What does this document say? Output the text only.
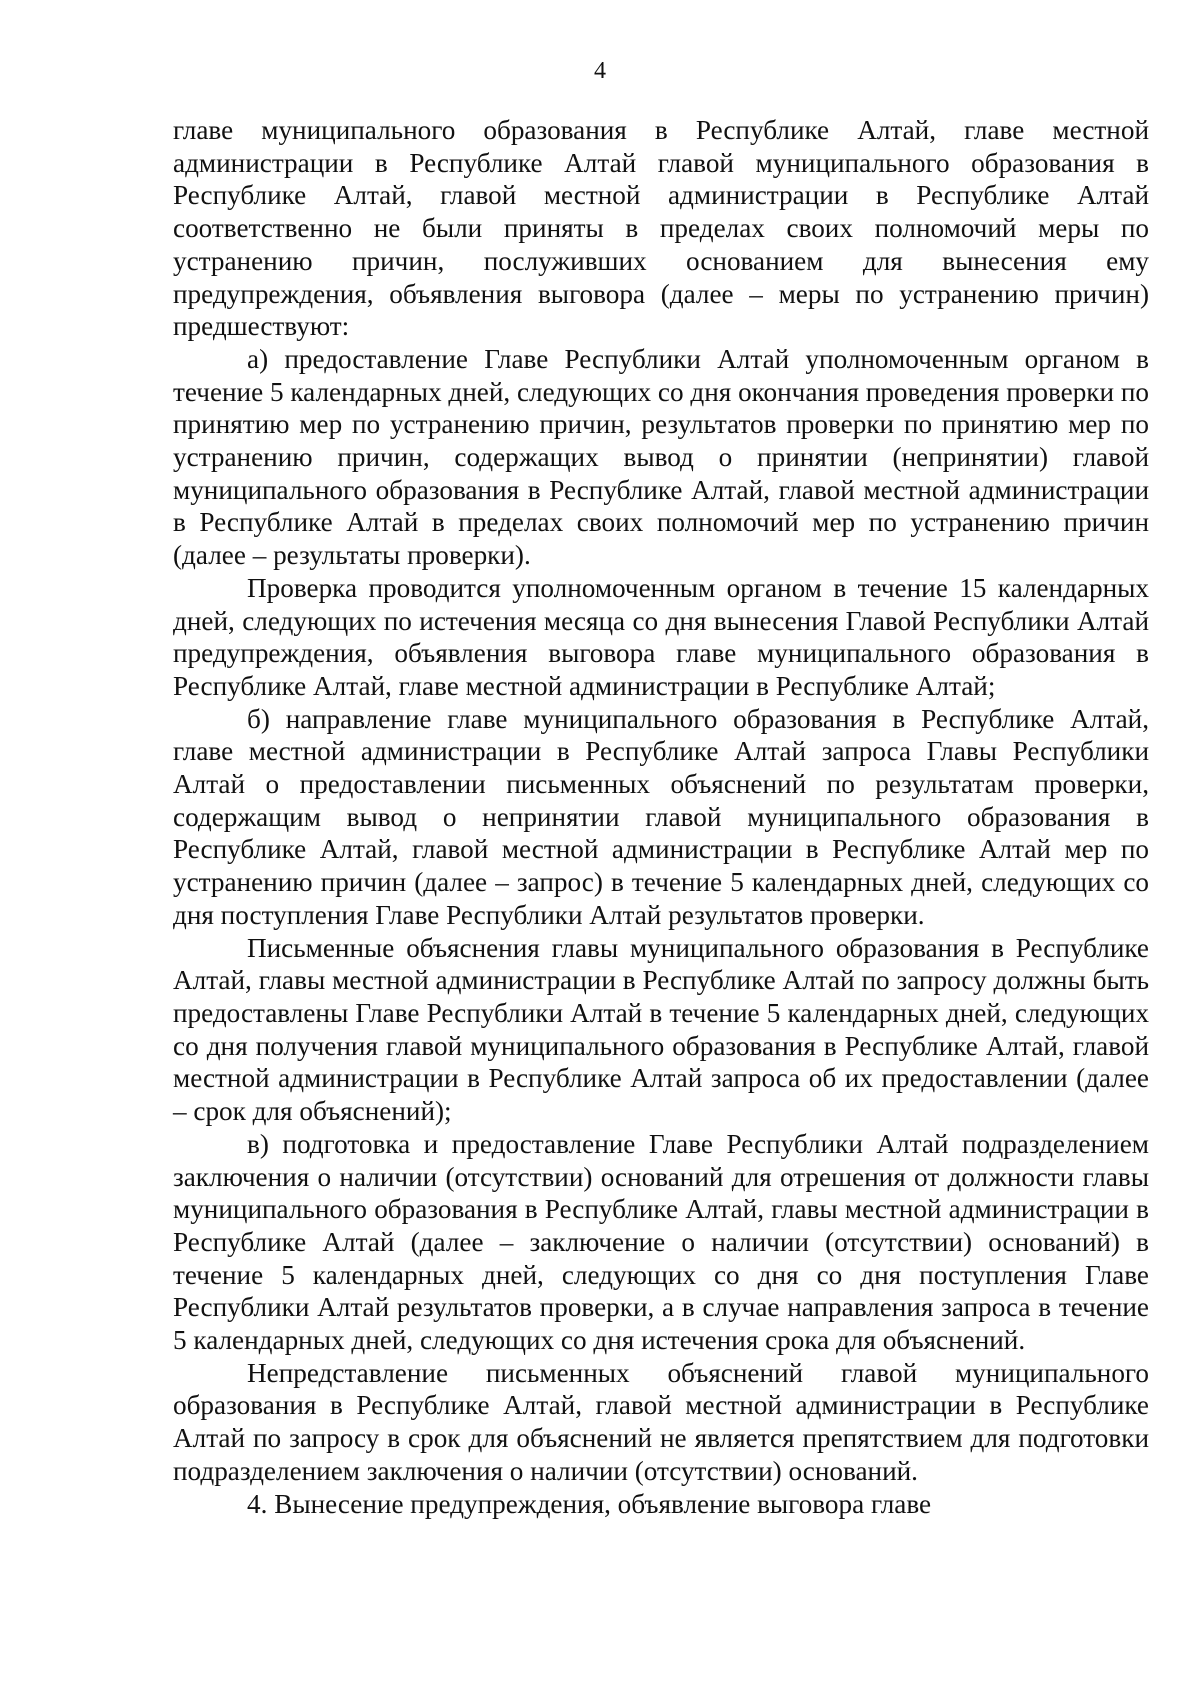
4

главе муниципального образования в Республике Алтай, главе местной администрации в Республике Алтай главой муниципального образования в Республике Алтай, главой местной администрации в Республике Алтай соответственно не были приняты в пределах своих полномочий меры по устранению причин, послуживших основанием для вынесения ему предупреждения, объявления выговора (далее – меры по устранению причин) предшествуют:

а) предоставление Главе Республики Алтай уполномоченным органом в течение 5 календарных дней, следующих со дня окончания проведения проверки по принятию мер по устранению причин, результатов проверки по принятию мер по устранению причин, содержащих вывод о принятии (непринятии) главой муниципального образования в Республике Алтай, главой местной администрации в Республике Алтай в пределах своих полномочий мер по устранению причин (далее – результаты проверки).

Проверка проводится уполномоченным органом в течение 15 календарных дней, следующих по истечения месяца со дня вынесения Главой Республики Алтай предупреждения, объявления выговора главе муниципального образования в Республике Алтай, главе местной администрации в Республике Алтай;

б) направление главе муниципального образования в Республике Алтай, главе местной администрации в Республике Алтай запроса Главы Республики Алтай о предоставлении письменных объяснений по результатам проверки, содержащим вывод о непринятии главой муниципального образования в Республике Алтай, главой местной администрации в Республике Алтай мер по устранению причин (далее – запрос) в течение 5 календарных дней, следующих со дня поступления Главе Республики Алтай результатов проверки.

Письменные объяснения главы муниципального образования в Республике Алтай, главы местной администрации в Республике Алтай по запросу должны быть предоставлены Главе Республики Алтай в течение 5 календарных дней, следующих со дня получения главой муниципального образования в Республике Алтай, главой местной администрации в Республике Алтай запроса об их предоставлении (далее – срок для объяснений);

в) подготовка и предоставление Главе Республики Алтай подразделением заключения о наличии (отсутствии) оснований для отрешения от должности главы муниципального образования в Республике Алтай, главы местной администрации в Республике Алтай (далее – заключение о наличии (отсутствии) оснований) в течение 5 календарных дней, следующих со дня со дня поступления Главе Республики Алтай результатов проверки, а в случае направления запроса в течение 5 календарных дней, следующих со дня истечения срока для объяснений.

Непредставление письменных объяснений главой муниципального образования в Республике Алтай, главой местной администрации в Республике Алтай по запросу в срок для объяснений не является препятствием для подготовки подразделением заключения о наличии (отсутствии) оснований.

4. Вынесение предупреждения, объявление выговора главе
